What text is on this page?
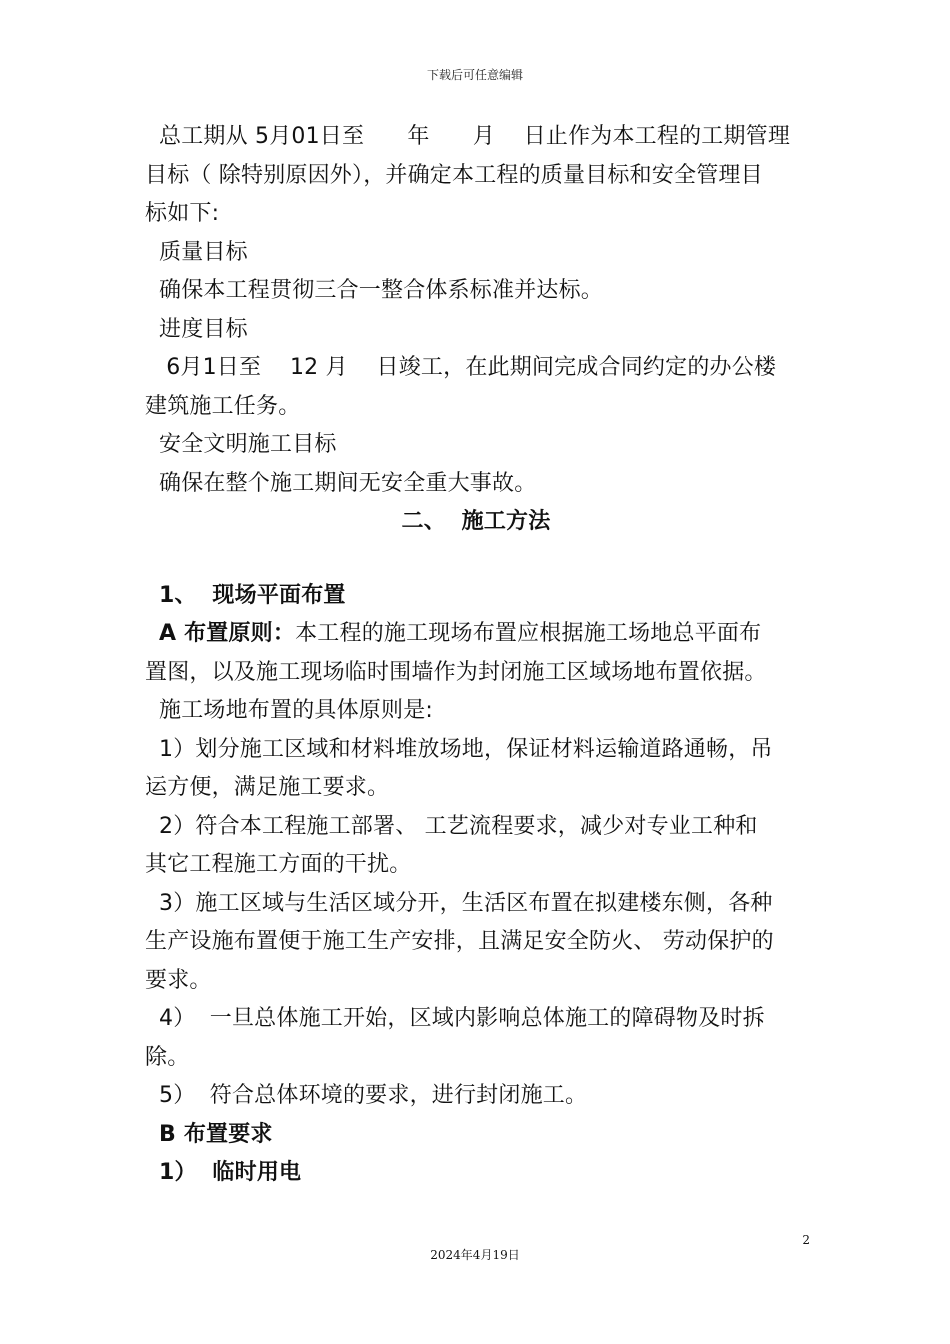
下载后可任意编辑

总工期从 5月01日至      年      月    日止作为本工程的工期管理

目标（ 除特别原因外），并确定本工程的质量目标和安全管理目

标如下:

质量目标

确保本工程贯彻三合一整合体系标准并达标。

进度目标

6月1日至    12 月    日竣工，在此期间完成合同约定的办公楼

建筑施工任务。

安全文明施工目标

确保在整个施工期间无安全重大事故。

二、  施工方法

1、  现场平面布置

A 布置原则：本工程的施工现场布置应根据施工场地总平面布

置图，以及施工现场临时围墙作为封闭施工区域场地布置依据。

施工场地布置的具体原则是:

1）划分施工区域和材料堆放场地，保证材料运输道路通畅，吊

运方便，满足施工要求。

2）符合本工程施工部署、 工艺流程要求，减少对专业工种和

其它工程施工方面的干扰。

3）施工区域与生活区域分开，生活区布置在拟建楼东侧，各种

生产设施布置便于施工生产安排，且满足安全防火、 劳动保护的

要求。

4）  一旦总体施工开始，区域内影响总体施工的障碍物及时拆

除。

5）  符合总体环境的要求，进行封闭施工。

B 布置要求

1）  临时用电

2
2024年4月19日
